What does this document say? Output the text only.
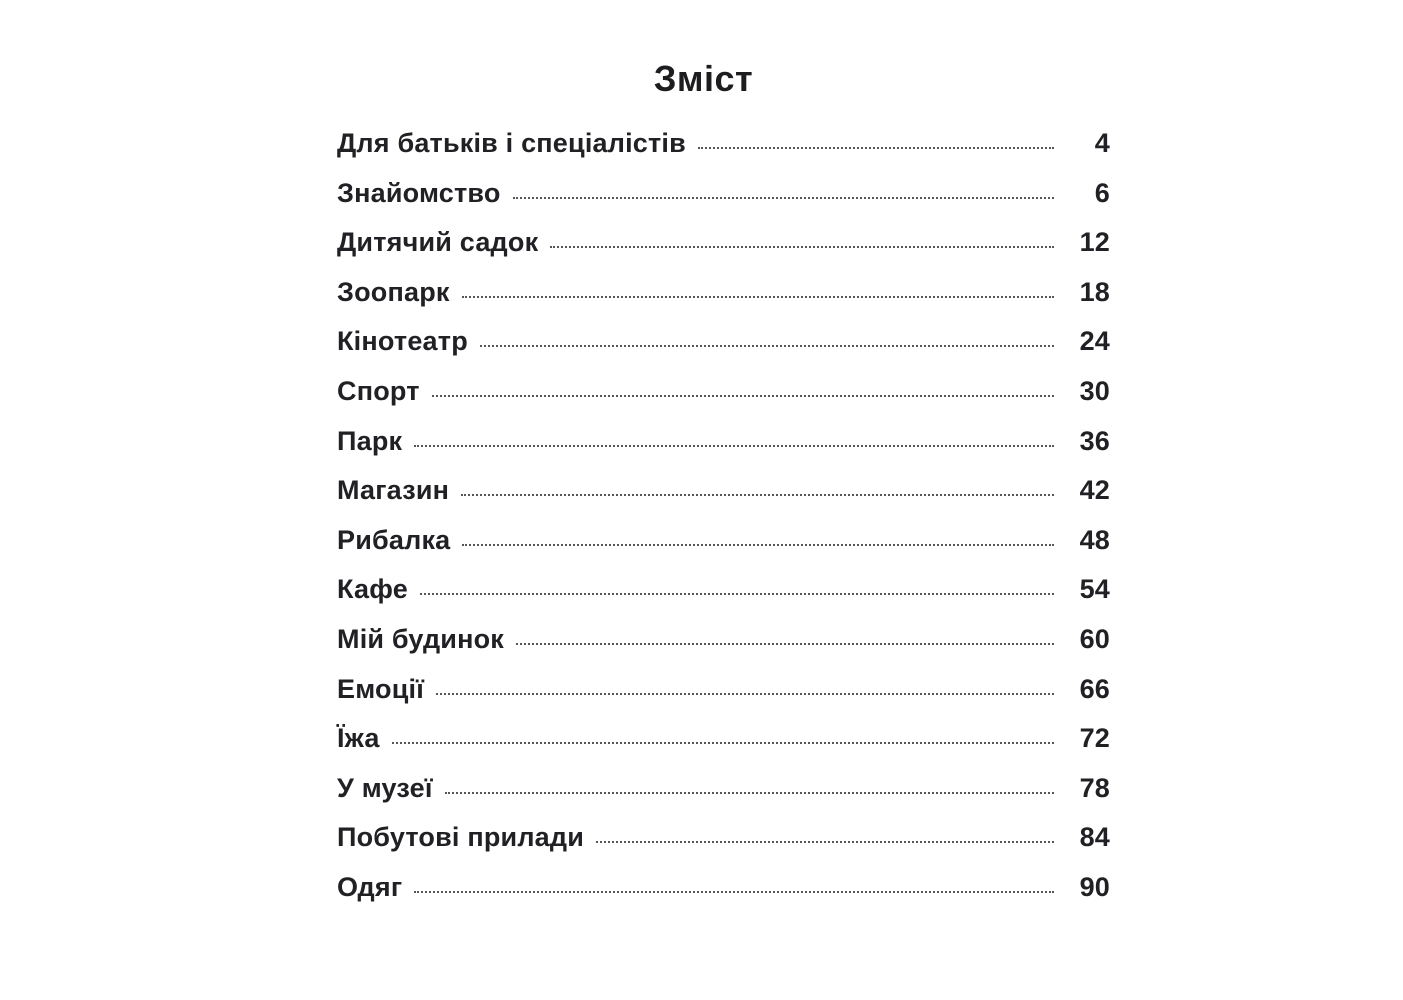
Зміст
Для батьків і спеціалістів	4
Знайомство	6
Дитячий садок	12
Зоопарк	18
Кінотеатр	24
Спорт	30
Парк	36
Магазин	42
Рибалка	48
Кафе	54
Мій будинок	60
Емоції	66
Їжа	72
У музеї	78
Побутові прилади	84
Одяг	90
